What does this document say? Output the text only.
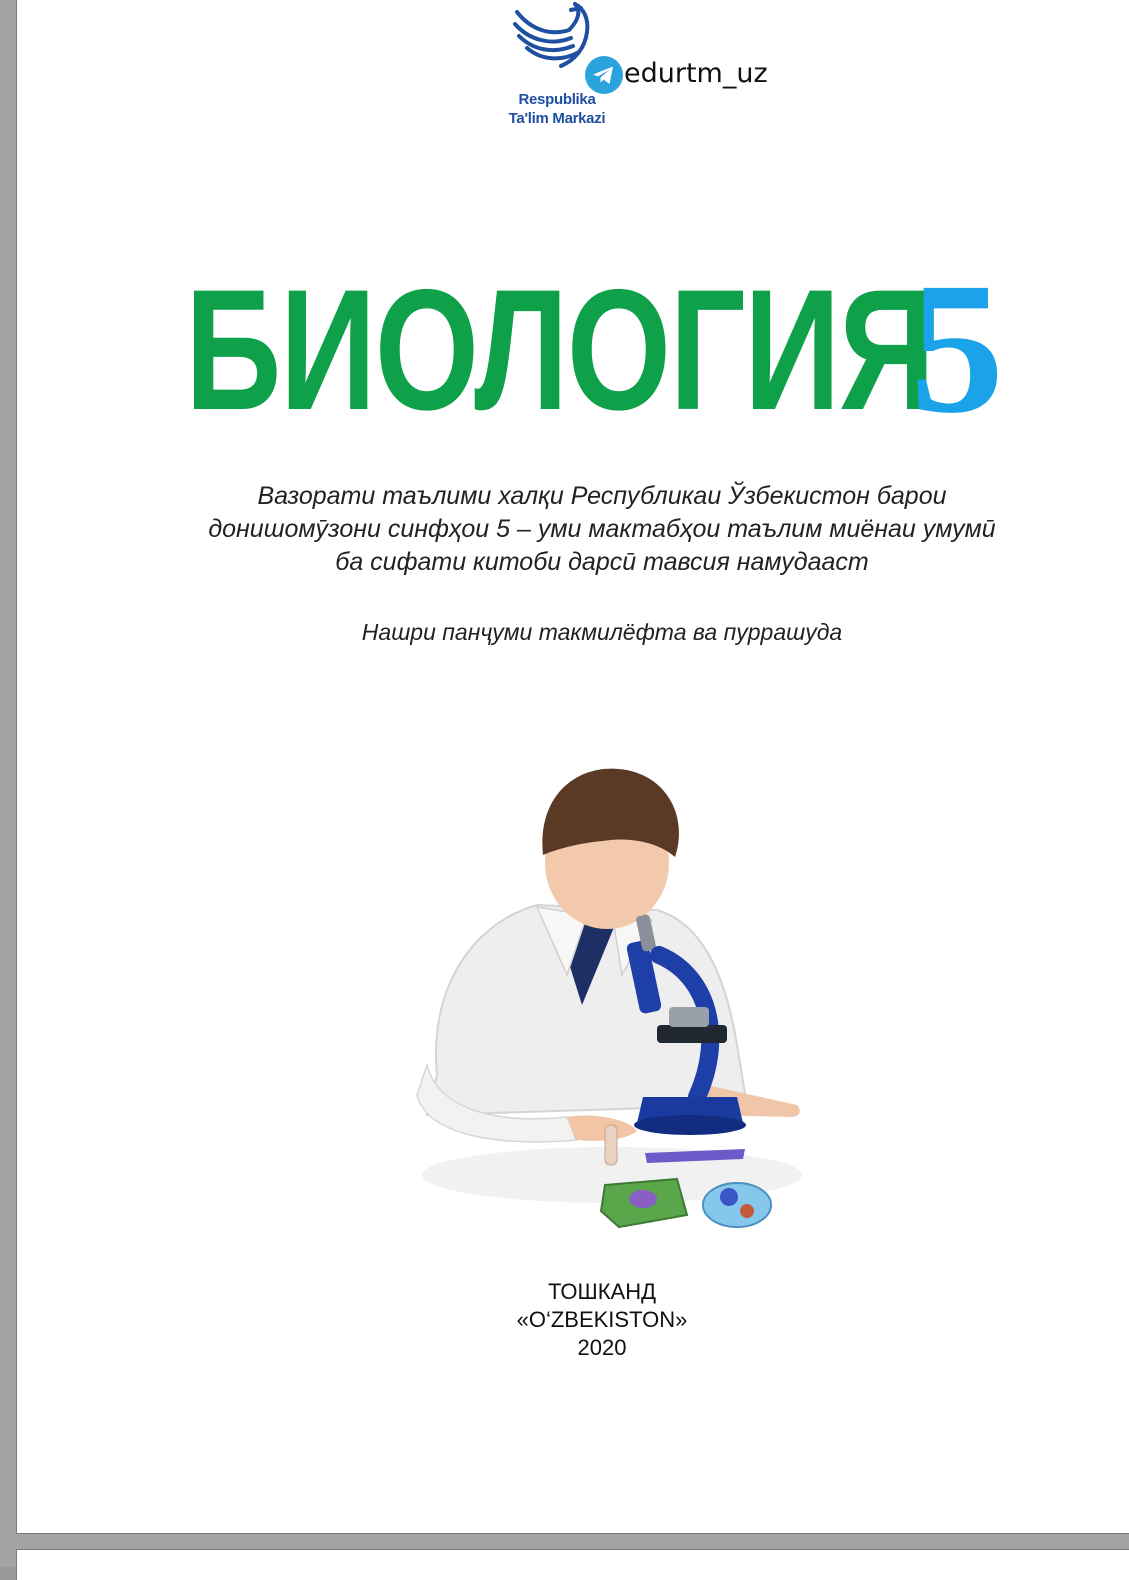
Respublika
Ta'lim Markazi
edurtm_uz
БИОЛОГИЯ
5
Вазорати таълими халқи Республикаи Ўзбекистон барои
донишомӯзони синфҳои 5 – уми мактабҳои таълим миёнаи умумӣ
ба сифати китоби дарсӣ тавсия намудааст
Нашри панҷуми такмилёфта ва пуррашуда
ТОШКАНД
«O‘ZBEKISTON»
2020
